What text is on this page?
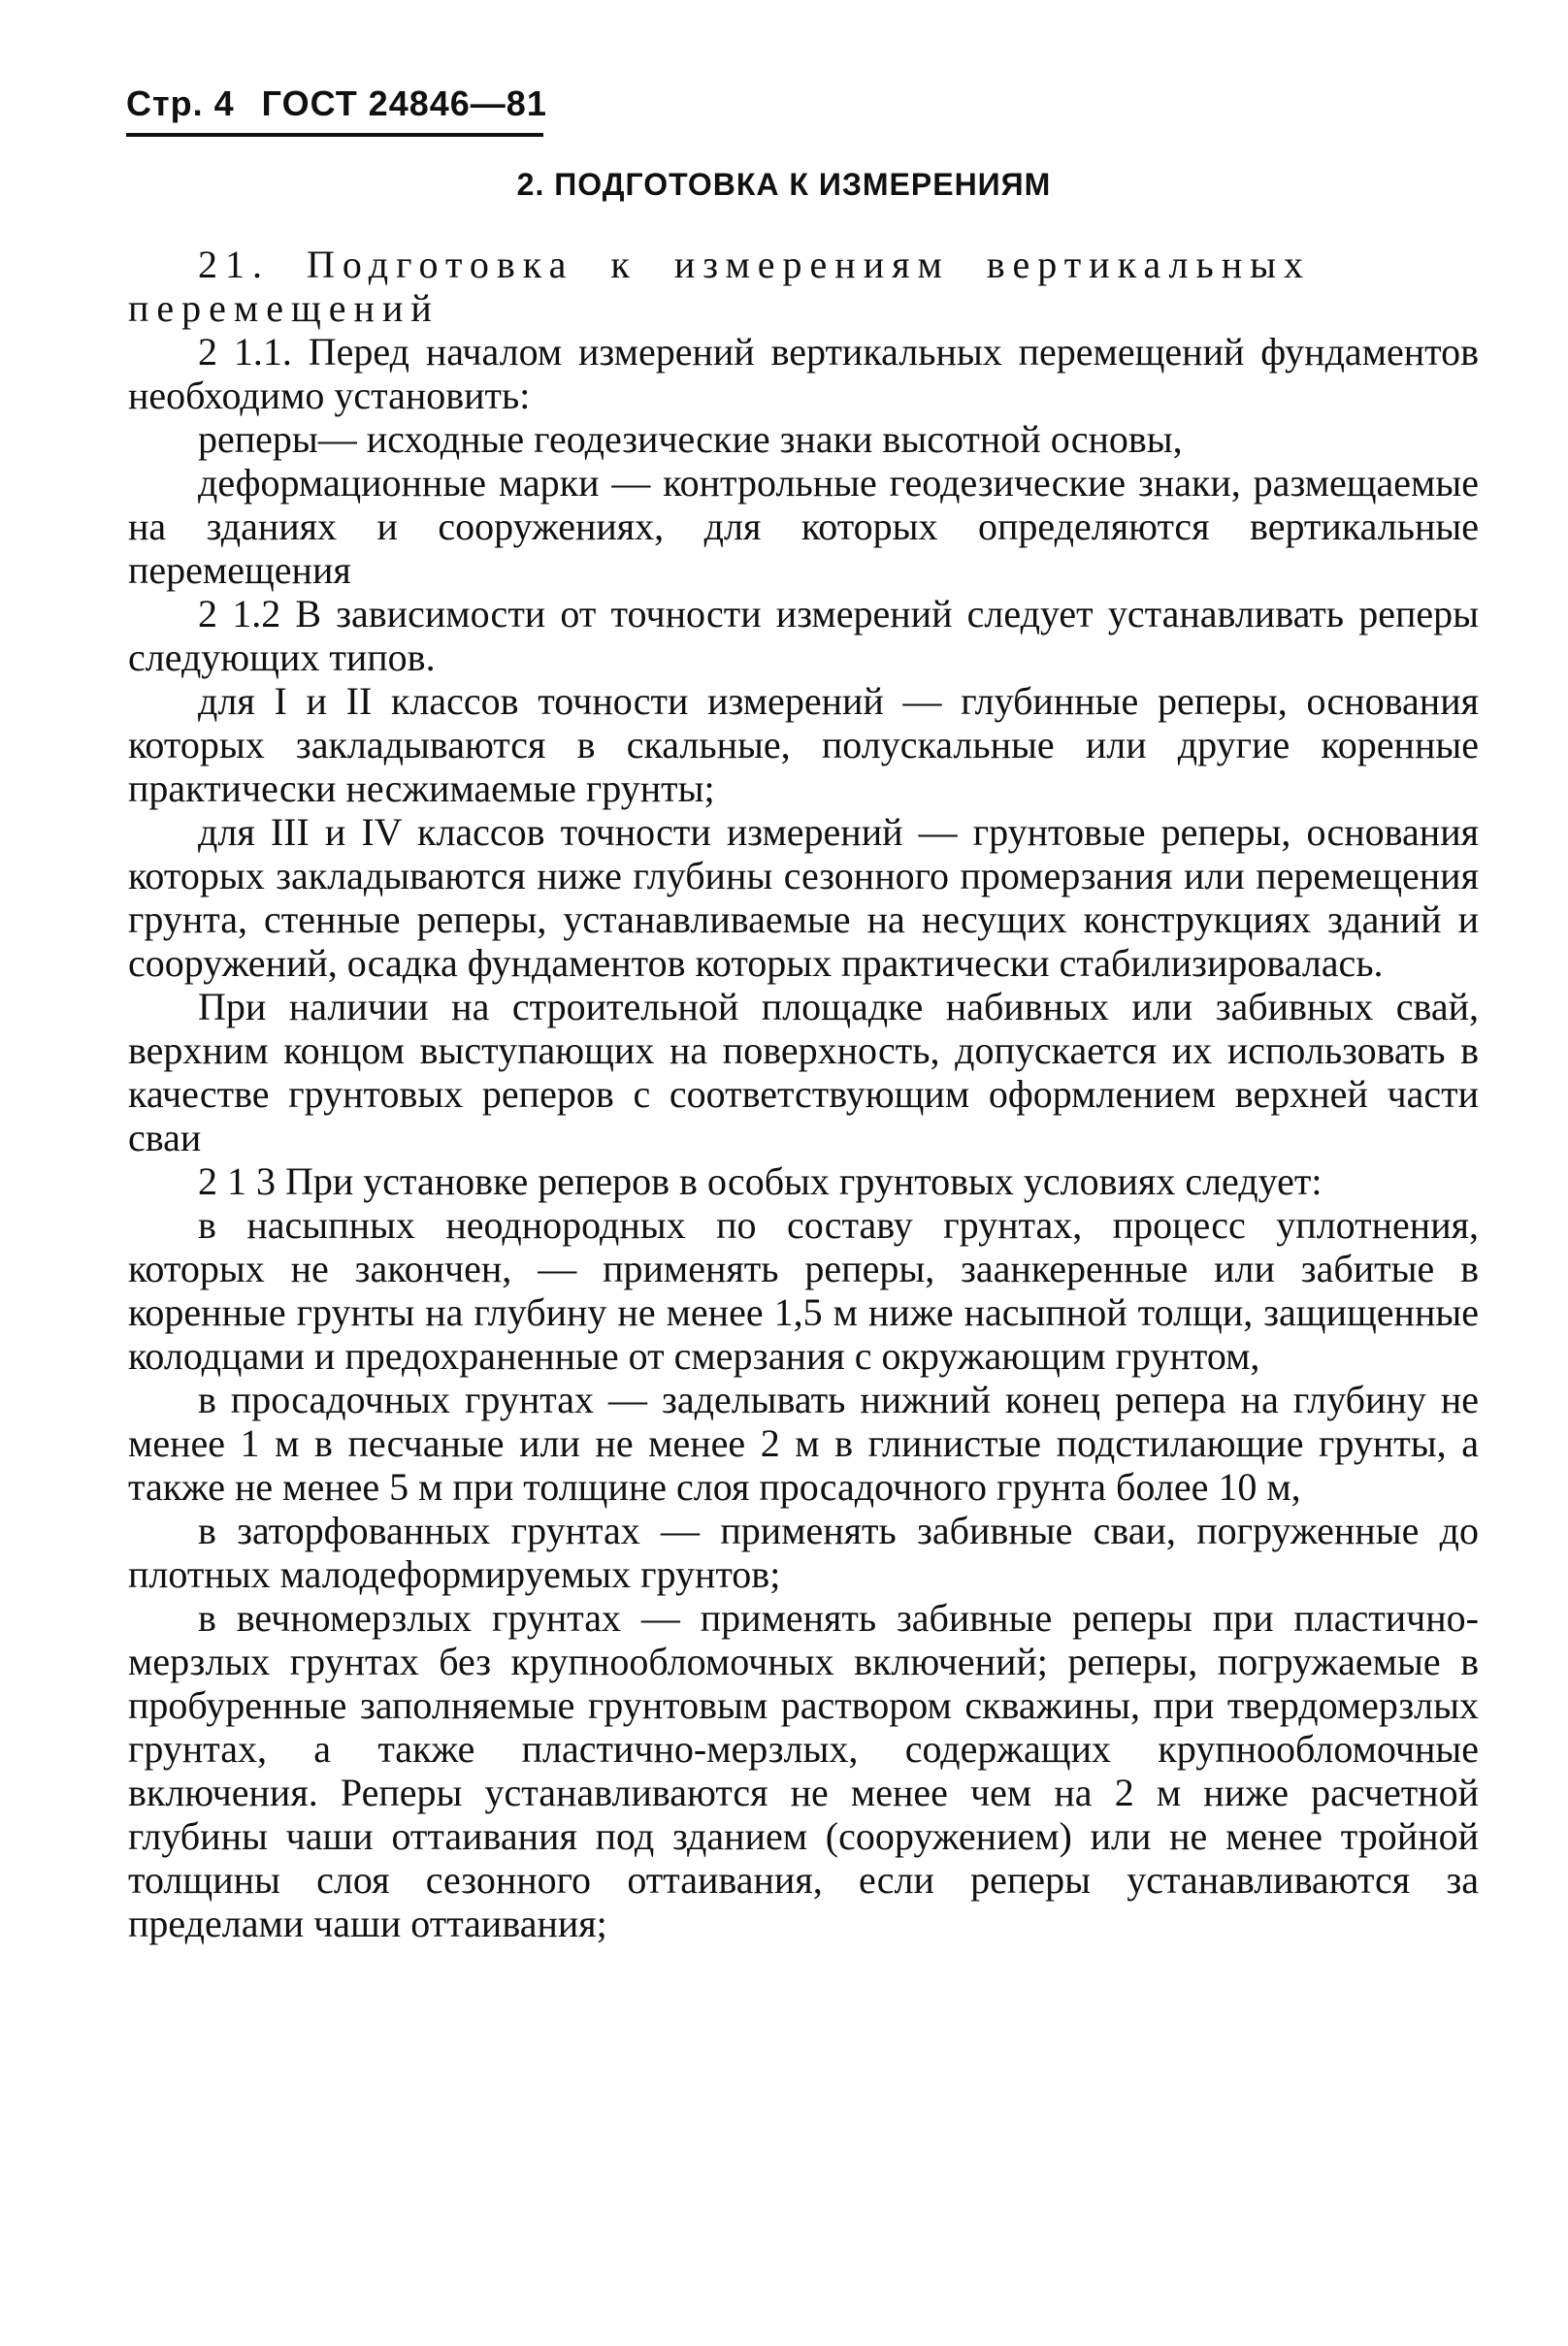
Стр. 4 ГОСТ 24846—81
2. ПОДГОТОВКА К ИЗМЕРЕНИЯМ

21. Подготовка к измерениям вертикальных перемещений

2 1.1. Перед началом измерений вертикальных перемещений фундаментов необходимо установить:

реперы— исходные геодезические знаки высотной основы,

деформационные марки — контрольные геодезические знаки, размещаемые на зданиях и сооружениях, для которых определяются вертикальные перемещения

2 1.2 В зависимости от точности измерений следует устанавливать реперы следующих типов.

для I и II классов точности измерений — глубинные реперы, основания которых закладываются в скальные, полускальные или другие коренные практически несжимаемые грунты;

для III и IV классов точности измерений — грунтовые реперы, основания которых закладываются ниже глубины сезонного промерзания или перемещения грунта, стенные реперы, устанавливаемые на несущих конструкциях зданий и сооружений, осадка фундаментов которых практически стабилизировалась.

При наличии на строительной площадке набивных или забивных свай, верхним концом выступающих на поверхность, допускается их использовать в качестве грунтовых реперов с соответствующим оформлением верхней части сваи

2 1 3 При установке реперов в особых грунтовых условиях следует:

в насыпных неоднородных по составу грунтах, процесс уплотнения, которых не закончен, — применять реперы, заанкеренные или забитые в коренные грунты на глубину не менее 1,5 м ниже насыпной толщи, защищенные колодцами и предохраненные от смерзания с окружающим грунтом,

в просадочных грунтах — заделывать нижний конец репера на глубину не менее 1 м в песчаные или не менее 2 м в глинистые подстилающие грунты, а также не менее 5 м при толщине слоя просадочного грунта более 10 м,

в заторфованных грунтах — применять забивные сваи, погруженные до плотных малодеформируемых грунтов;

в вечномерзлых грунтах — применять забивные реперы при пластично-мерзлых грунтах без крупнообломочных включений; реперы, погружаемые в пробуренные заполняемые грунтовым раствором скважины, при твердомерзлых грунтах, а также пластично-мерзлых, содержащих крупнообломочные включения. Реперы устанавливаются не менее чем на 2 м ниже расчетной глубины чаши оттаивания под зданием (сооружением) или не менее тройной толщины слоя сезонного оттаивания, если реперы устанавливаются за пределами чаши оттаивания;
